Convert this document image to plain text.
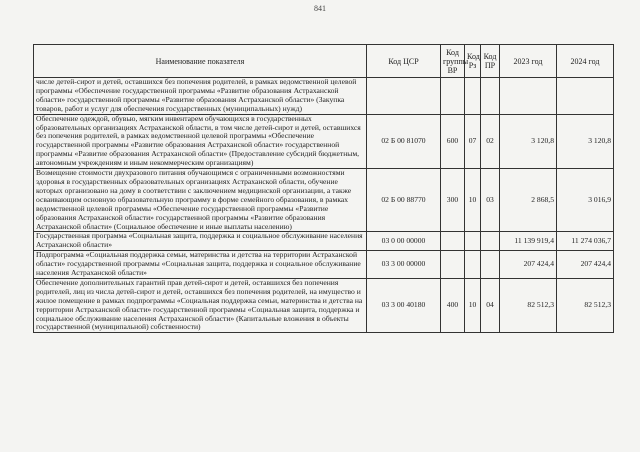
841
Наименование показателя	Код ЦСР	Код группы ВР	Код Рз	Код ПР	2023 год	2024 год
числе детей-сирот и детей, оставшихся без попечения родителей, в рамках ведомственной целевой программы «Обеспечение государственной программы «Развитие образования Астраханской области» государственной программы «Развитие образования Астраханской области» (Закупка товаров, работ и услуг для обеспечения государственных (муниципальных) нужд)						
Обеспечение одеждой, обувью, мягким инвентарем обучающихся в государственных образовательных организациях Астраханской области, в том числе детей-сирот и детей, оставшихся без попечения родителей, в рамках ведомственной целевой программы «Обеспечение государственной программы «Развитие образования Астраханской области» государственной программы «Развитие образования Астраханской области» (Предоставление субсидий бюджетным, автономным учреждениям и иным некоммерческим организациям)	02 Б 00 81070	600	07	02	3 120,8	3 120,8
Возмещение стоимости двухразового питания обучающимся с ограниченными возможностями здоровья в государственных образовательных организациях Астраханской области, обучение которых организовано на дому в соответствии с заключением медицинской организации, а также осваивающим основную образовательную программу в форме семейного образования, в рамках ведомственной целевой программы «Обеспечение государственной программы «Развитие образования Астраханской области» государственной программы «Развитие образования Астраханской области» (Социальное обеспечение и иные выплаты населению)	02 Б 00 88770	300	10	03	2 868,5	3 016,9
Государственная программа «Социальная защита, поддержка и социальное обслуживание населения Астраханской области»	03 0 00 00000				11 139 919,4	11 274 036,7
Подпрограмма «Социальная поддержка семьи, материнства и детства на территории Астраханской области» государственной программы «Социальная защита, поддержка и социальное обслуживание населения Астраханской области»	03 3 00 00000				207 424,4	207 424,4
Обеспечение дополнительных гарантий прав детей-сирот и детей, оставшихся без попечения родителей, лиц из числа детей-сирот и детей, оставшихся без попечения родителей, на имущество и жилое помещение в рамках подпрограммы «Социальная поддержка семьи, материнства и детства на территории Астраханской области» государственной программы «Социальная защита, поддержка и социальное обслуживание населения Астраханской области» (Капитальные вложения в объекты государственной (муниципальной) собственности)	03 3 00 40180	400	10	04	82 512,3	82 512,3
